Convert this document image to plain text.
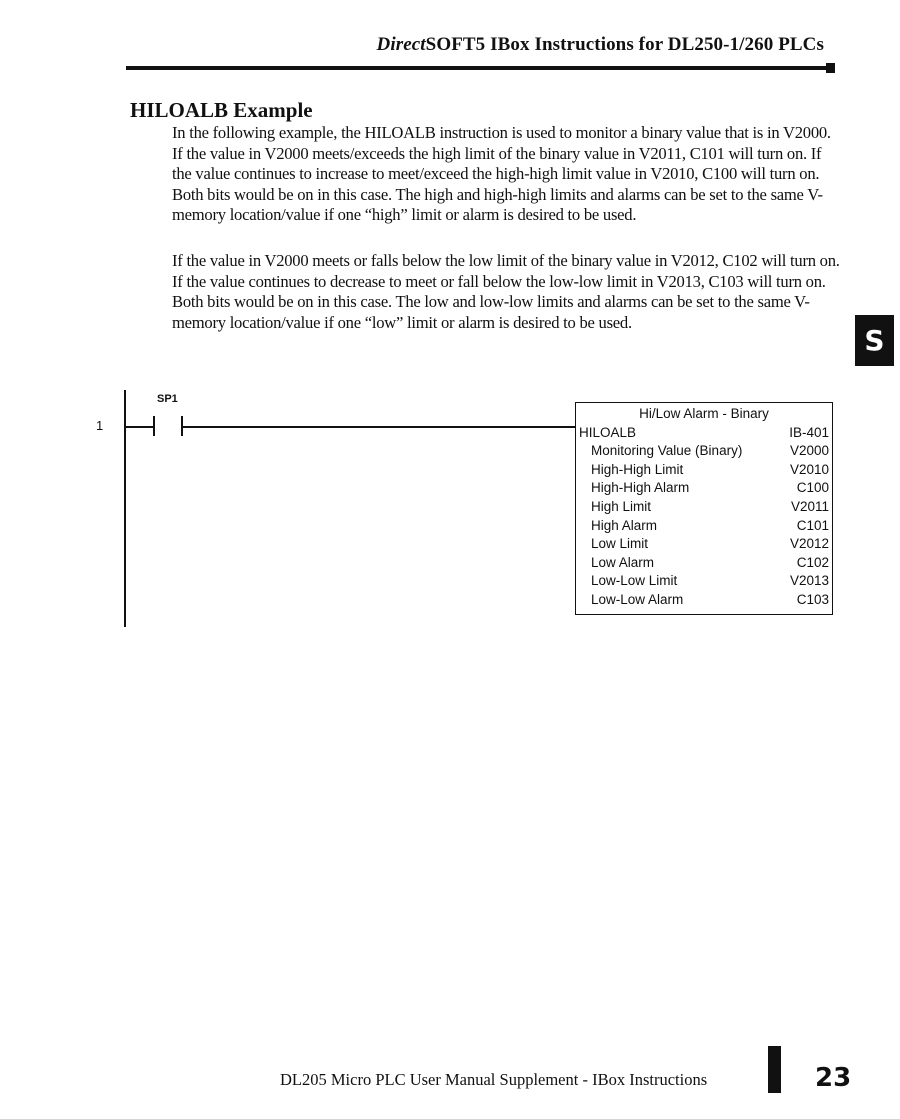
DirectSOFT5 IBox Instructions for DL250-1/260 PLCs
HILOALB Example

In the following example, the HILOALB instruction is used to monitor a binary value that is in V2000. If the value in V2000 meets/exceeds the high limit of the binary value in V2011, C101 will turn on. If the value continues to increase to meet/exceed the high-high limit value in V2010, C100 will turn on. Both bits would be on in this case. The high and high-high limits and alarms can be set to the same V-memory location/value if one “high” limit or alarm is desired to be used.

If the value in V2000 meets or falls below the low limit of the binary value in V2012, C102 will turn on. If the value continues to decrease to meet or fall below the low-low limit in V2013, C103 will turn on. Both bits would be on in this case. The low and low-low limits and alarms can be set to the same V-memory location/value if one “low” limit or alarm is desired to be used.

S
1
SP1
Hi/Low Alarm - Binary
HILOALB	IB-401
Monitoring Value (Binary)	V2000
High-High Limit	V2010
High-High Alarm	C100
High Limit	V2011
High Alarm	C101
Low Limit	V2012
Low Alarm	C102
Low-Low Limit	V2013
Low-Low Alarm	C103
DL205 Micro PLC User Manual Supplement - IBox Instructions	23
